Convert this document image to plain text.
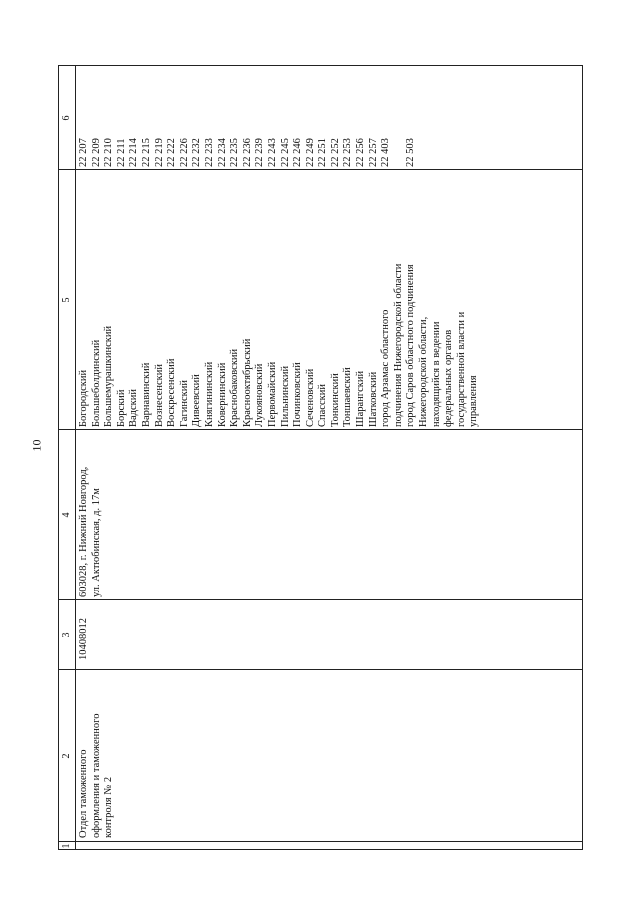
10
1
2
3
4
5
6
Отдел таможенного оформления и таможенного контроля № 2
10408012
603028, г. Нижний Новгород, ул. Актюбинская, д. 17м
Богородский Большеболдинский Большемурашкинский Борский Вадский Варнавинский Вознесенский Воскресенский Гагинский Дивеевский Княгининский Ковернинский Краснобаковский Краснооктябрьский Лукояновский Первомайский Пильнинский Починковский Сеченовский Спасский Тонкинский Тоншаевский Шарангский Шатковский город Арзамас областного подчинения Нижегородской области город Саров областного подчинения Нижегородской области, находящийся в ведении федеральных органов государственной власти и управления
22 207 22 209 22 210 22 211 22 214 22 215 22 219 22 222 22 226 22 232 22 233 22 234 22 235 22 236 22 239 22 243 22 245 22 246 22 249 22 251 22 252 22 253 22 256 22 257 22 403 22 503
